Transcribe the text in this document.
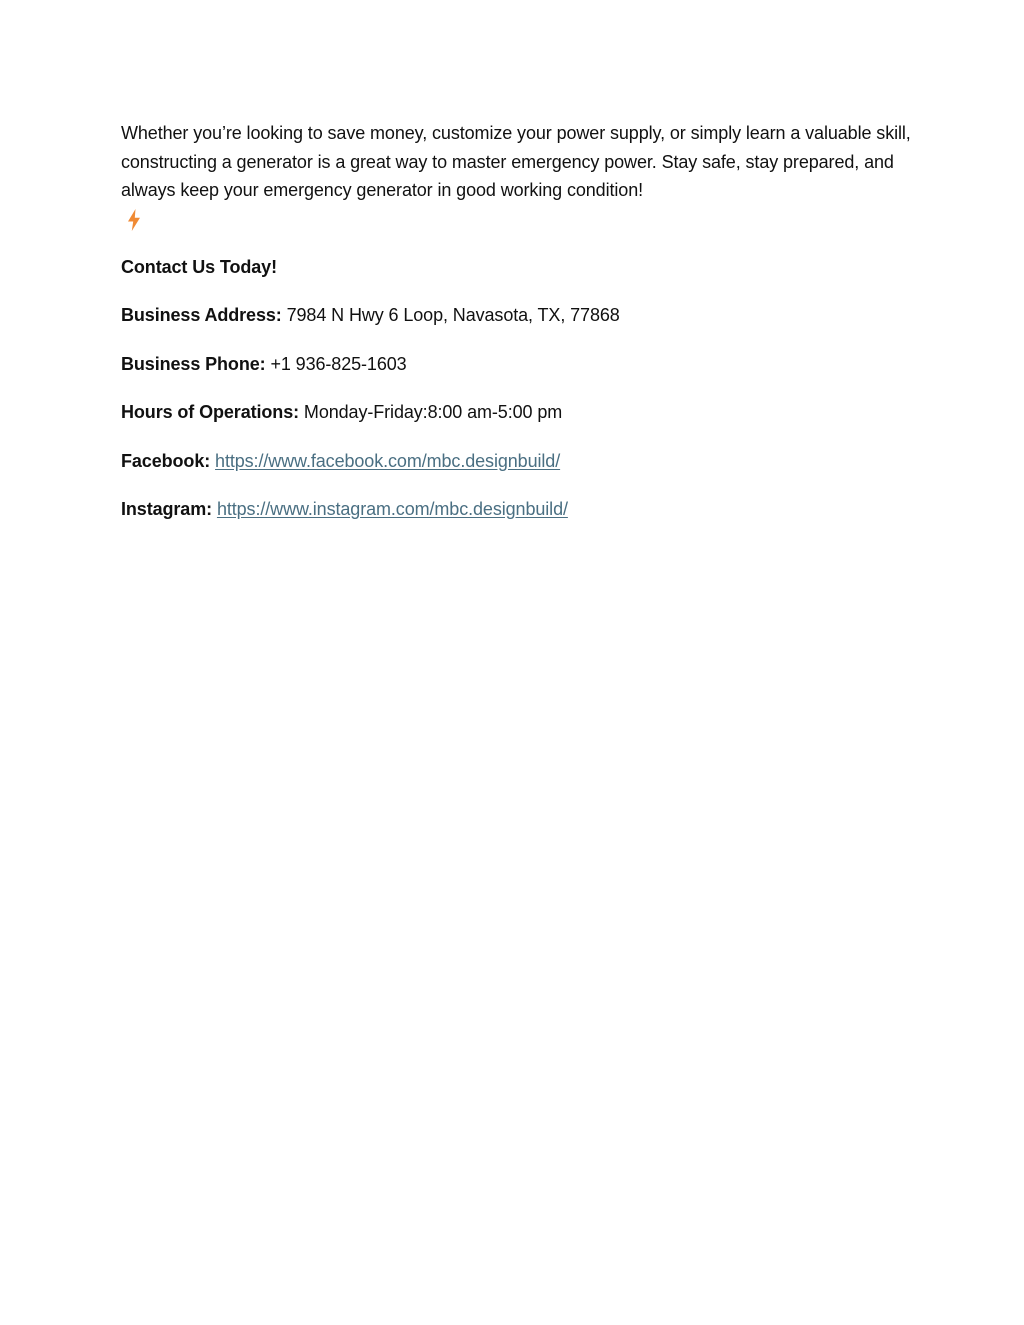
Whether you’re looking to save money, customize your power supply, or simply learn a valuable skill, constructing a generator is a great way to master emergency power. Stay safe, stay prepared, and always keep your emergency generator in good working condition!

Contact Us Today!

Business Address: 7984 N Hwy 6 Loop, Navasota, TX, 77868

Business Phone: +1 936-825-1603

Hours of Operations: Monday-Friday:8:00 am-5:00 pm

Facebook: https://www.facebook.com/mbc.designbuild/

Instagram: https://www.instagram.com/mbc.designbuild/
